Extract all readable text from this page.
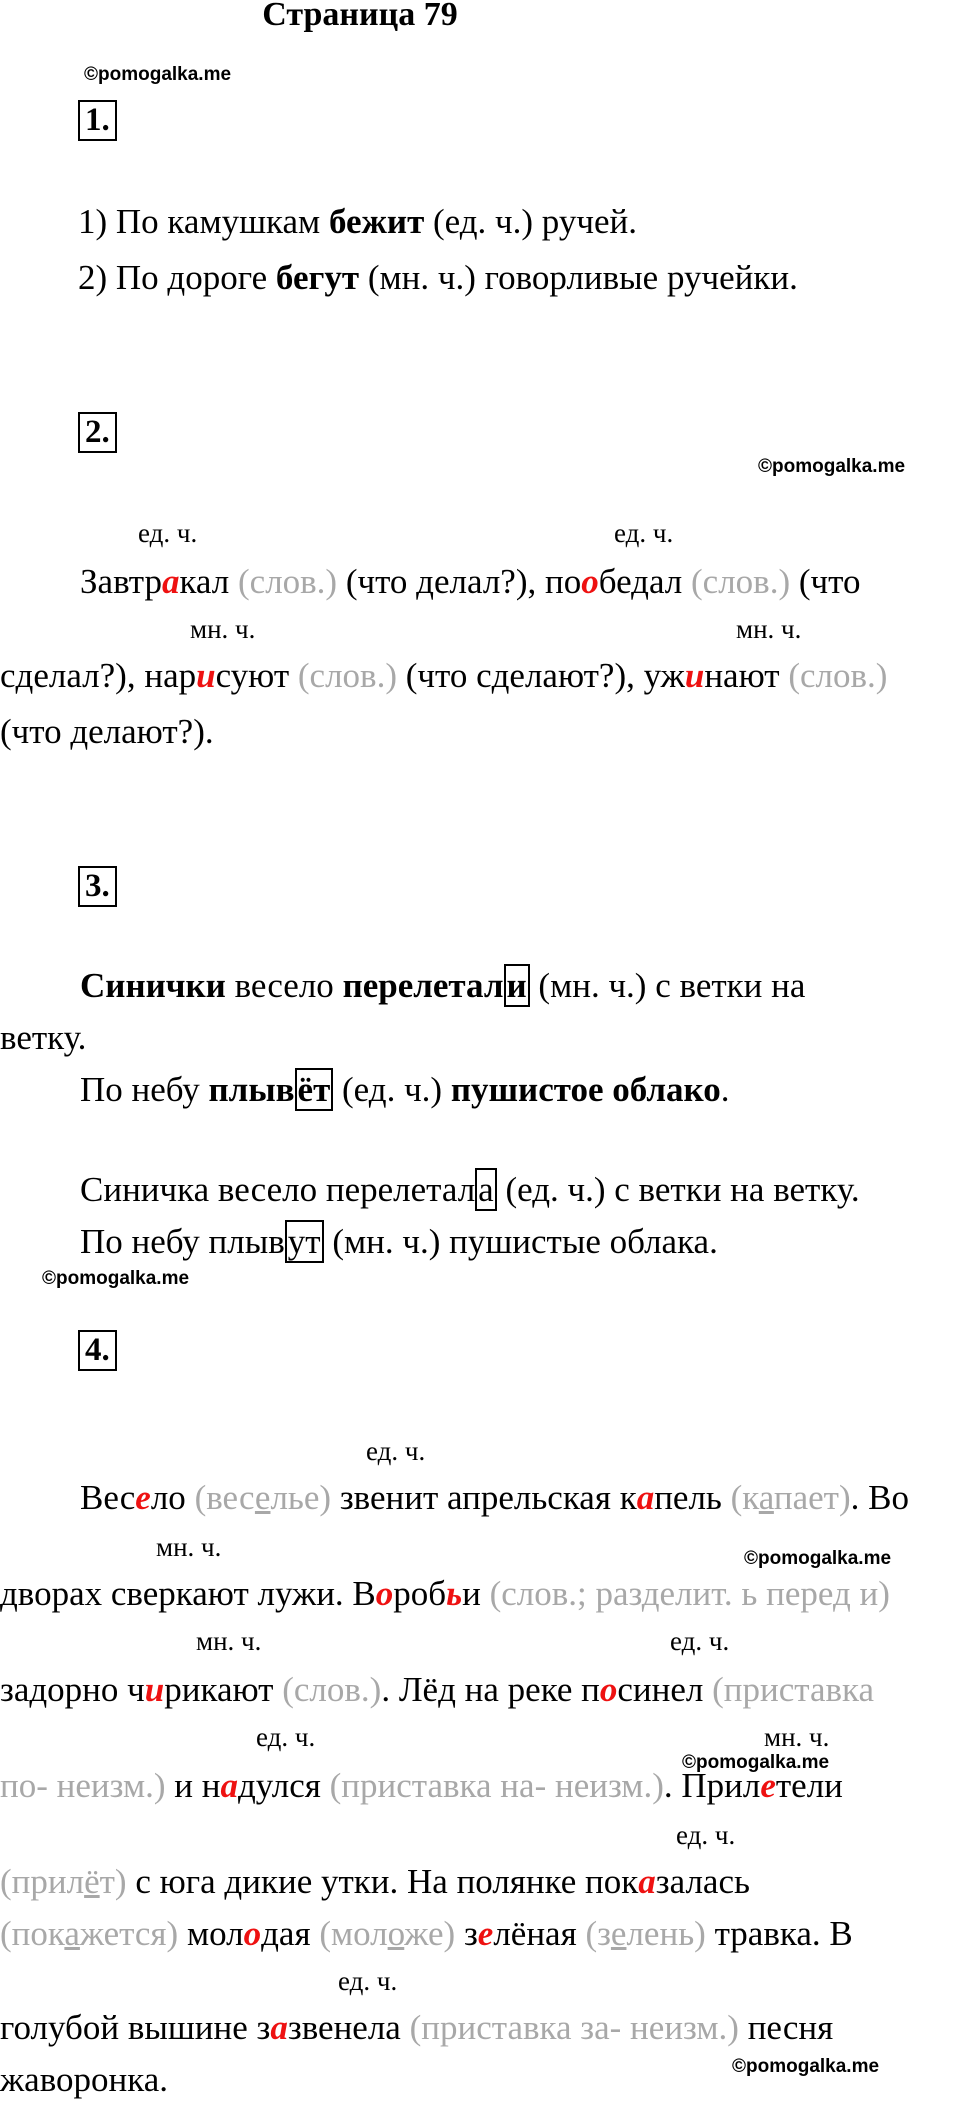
Страница 79
©pomogalka.me
©pomogalka.me
©pomogalka.me
©pomogalka.me
©pomogalka.me
©pomogalka.me
1.
1) По камушкам бежит (ед. ч.) ручей.
2) По дороге бегут (мн. ч.) говорливые ручейки.
2.
ед. ч.	ед. ч.
Завтракал (слов.) (что делал?), пообедал (слов.) (что
мн. ч.	мн. ч.
сделал?), нарисуют (слов.) (что сделают?), ужинают (слов.)
(что делают?).
3.
Синички весело перелетали (мн. ч.) с ветки на
ветку.
По небу плывёт (ед. ч.) пушистое облако.
Синичка весело перелетала (ед. ч.) с ветки на ветку.
По небу плывут (мн. ч.) пушистые облака.
4.
ед. ч.
Весело (веселье) звенит апрельская капель (капает). Во
мн. ч.
дворах сверкают лужи. Воробьи (слов.; разделит. ь перед и)
мн. ч.	ед. ч.
задорно чирикают (слов.). Лёд на реке посинел (приставка
ед. ч.	мн. ч.
по- неизм.) и надулся (приставка на- неизм.). Прилетели
ед. ч.
(прилёт) с юга дикие утки. На полянке показалась
(покажется) молодая (моложе) зелёная (зелень) травка. В
ед. ч.
голубой вышине зазвенела (приставка за- неизм.) песня
жаворонка.
